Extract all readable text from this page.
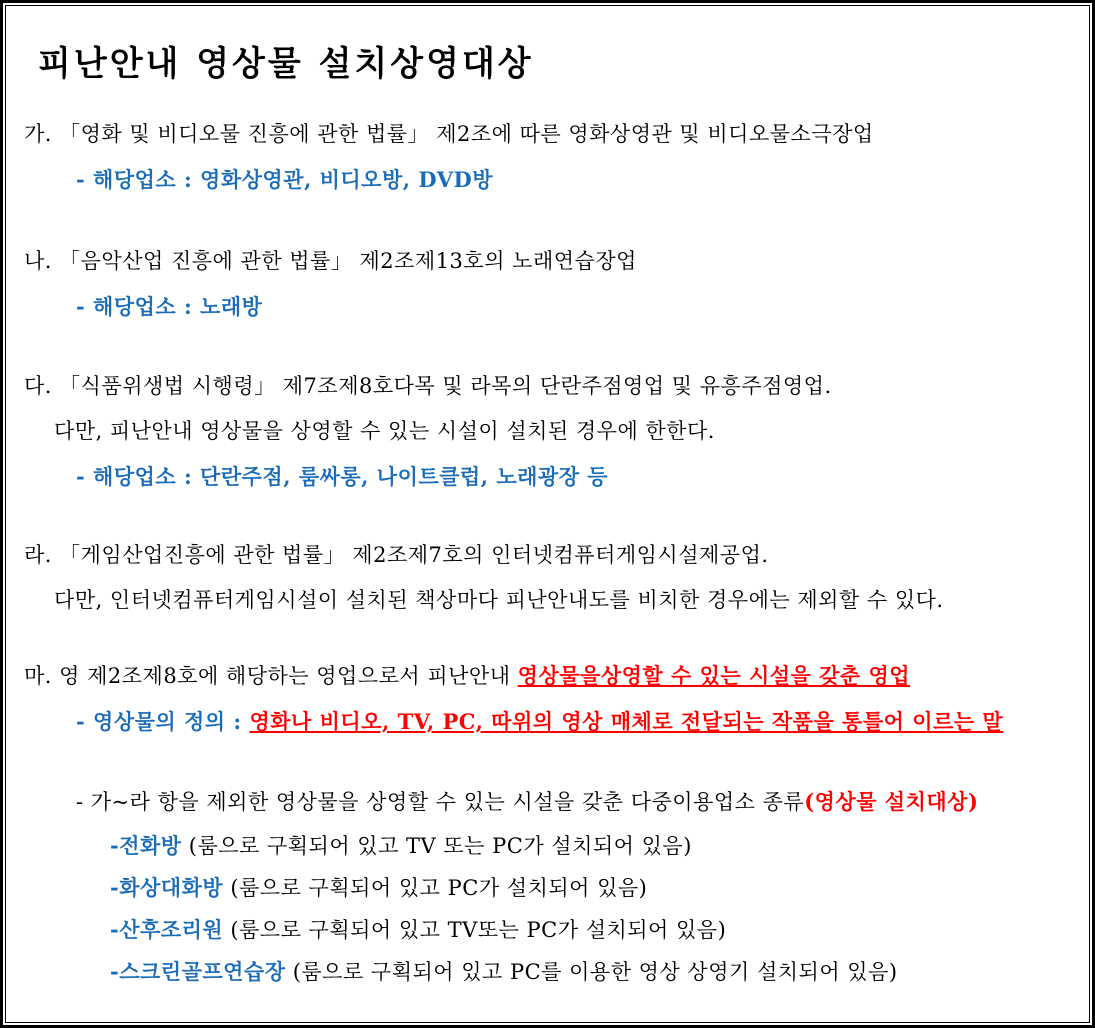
피난안내 영상물 설치상영대상

가. 「영화 및 비디오물 진흥에 관한 법률」 제2조에 따른 영화상영관 및 비디오물소극장업

- 해당업소 : 영화상영관, 비디오방, DVD방

나. 「음악산업 진흥에 관한 법률」 제2조제13호의 노래연습장업

- 해당업소 : 노래방

다. 「식품위생법 시행령」 제7조제8호다목 및 라목의 단란주점영업 및 유흥주점영업.

다만, 피난안내 영상물을 상영할 수 있는 시설이 설치된 경우에 한한다.

- 해당업소 : 단란주점, 룸싸롱, 나이트클럽, 노래광장 등

라. 「게임산업진흥에 관한 법률」 제2조제7호의 인터넷컴퓨터게임시설제공업.

다만, 인터넷컴퓨터게임시설이 설치된 책상마다 피난안내도를 비치한 경우에는 제외할 수 있다.

마. 영 제2조제8호에 해당하는 영업으로서 피난안내 영상물을상영할 수 있는 시설을 갖춘 영업

- 영상물의 정의 : 영화나 비디오, TV, PC, 따위의 영상 매체로 전달되는 작품을 통틀어 이르는 말

- 가~라 항을 제외한 영상물을 상영할 수 있는 시설을 갖춘 다중이용업소 종류(영상물 설치대상)

-전화방 (룸으로 구획되어 있고 TV 또는 PC가 설치되어 있음)

-화상대화방 (룸으로 구획되어 있고 PC가 설치되어 있음)

-산후조리원 (룸으로 구획되어 있고 TV또는 PC가 설치되어 있음)

-스크린골프연습장 (룸으로 구획되어 있고 PC를 이용한 영상 상영기 설치되어 있음)
